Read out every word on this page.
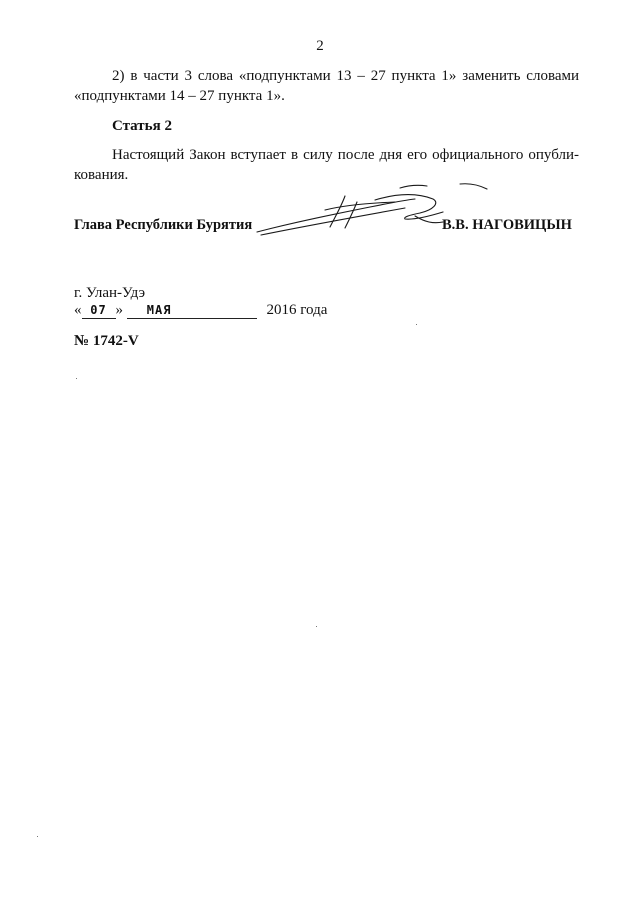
2
2) в части 3 слова «подпунктами 13 – 27 пункта 1» заменить словами
«подпунктами 14 – 27 пункта 1».
Статья 2
Настоящий Закон вступает в силу после дня его официального опубли-
кования.
Глава Республики Бурятия	В.В. НАГОВИЦЫН
г. Улан-Удэ
« 07 » МАЯ	2016 года
№ 1742-V
